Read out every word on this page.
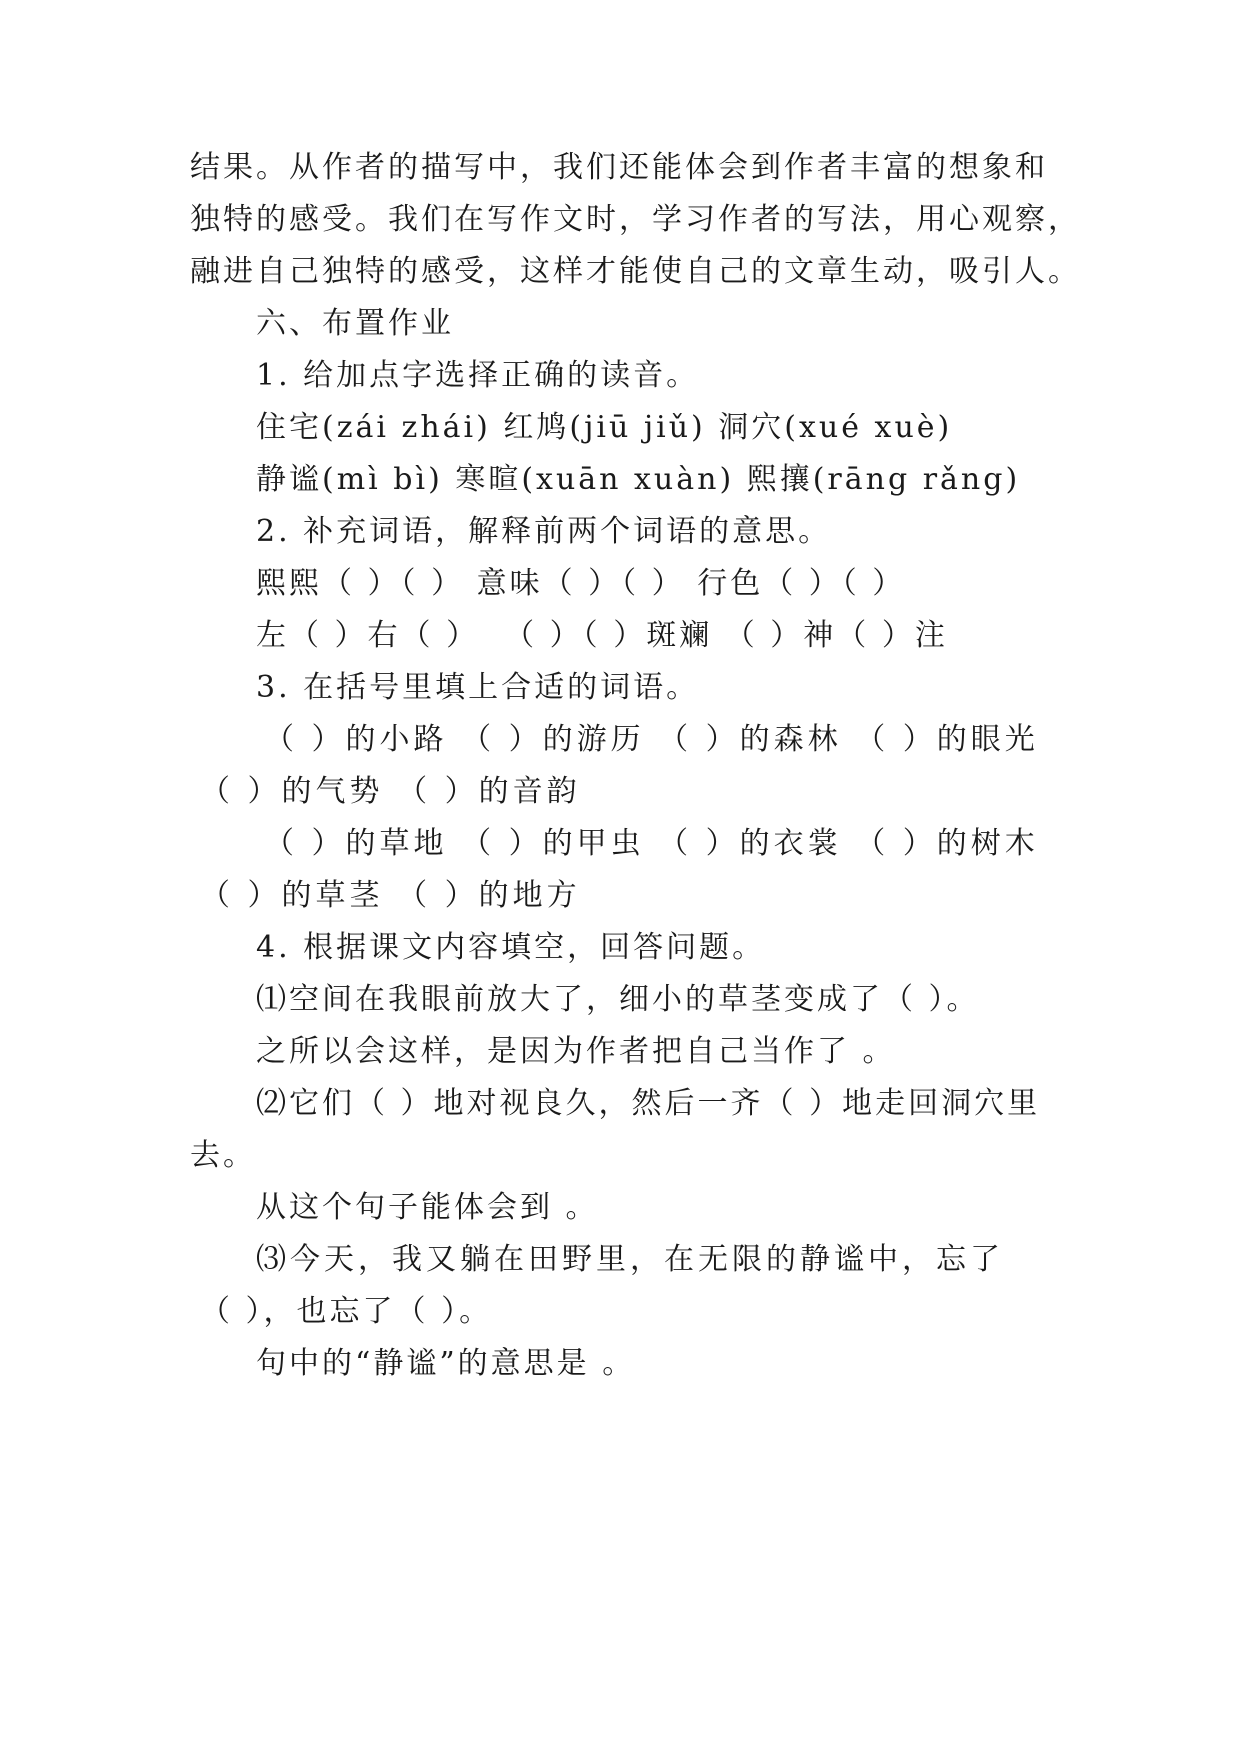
结果。从作者的描写中，我们还能体会到作者丰富的想象和
独特的感受。我们在写作文时，学习作者的写法，用心观察，
融进自己独特的感受，这样才能使自己的文章生动，吸引人。
六、布置作业
1. 给加点字选择正确的读音。
住宅(zái zhái) 红鸠(jiū jiǔ) 洞穴(xué xuè)
静谧(mì bì) 寒暄(xuān xuàn) 熙攘(rāng rǎng)
2. 补充词语，解释前两个词语的意思。
熙熙（ ）（ ） 意味（ ）（ ） 行色（ ）（ ）
左（ ）右（ ）  （ ）（ ）斑斓 （ ）神（ ）注
3. 在括号里填上合适的词语。
（ ）的小路 （ ）的游历 （ ）的森林 （ ）的眼光
（ ）的气势 （ ）的音韵
（ ）的草地 （ ）的甲虫 （ ）的衣裳 （ ）的树木
（ ）的草茎 （ ）的地方
4. 根据课文内容填空，回答问题。
⑴空间在我眼前放大了，细小的草茎变成了（ ）。
之所以会这样，是因为作者把自己当作了 。
⑵它们（ ）地对视良久，然后一齐（ ）地走回洞穴里
去。
从这个句子能体会到 。
⑶今天，我又躺在田野里，在无限的静谧中，忘了
（ ），也忘了（ ）。
句中的“静谧”的意思是 。
